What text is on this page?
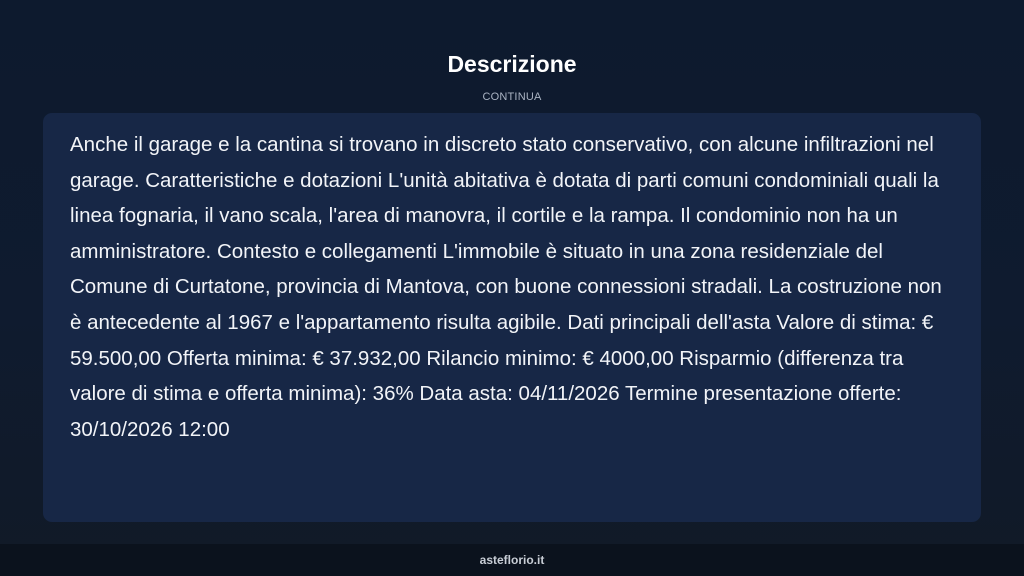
Descrizione
CONTINUA

Anche il garage e la cantina si trovano in discreto stato conservativo, con alcune infiltrazioni nel garage. Caratteristiche e dotazioni L'unità abitativa è dotata di parti comuni condominiali quali la linea fognaria, il vano scala, l'area di manovra, il cortile e la rampa. Il condominio non ha un amministratore. Contesto e collegamenti L'immobile è situato in una zona residenziale del Comune di Curtatone, provincia di Mantova, con buone connessioni stradali. La costruzione non è antecedente al 1967 e l'appartamento risulta agibile. Dati principali dell'asta Valore di stima: € 59.500,00 Offerta minima: € 37.932,00 Rilancio minimo: € 4000,00 Risparmio (differenza tra valore di stima e offerta minima): 36% Data asta: 04/11/2026 Termine presentazione offerte: 30/10/2026 12:00

asteflorio.it
